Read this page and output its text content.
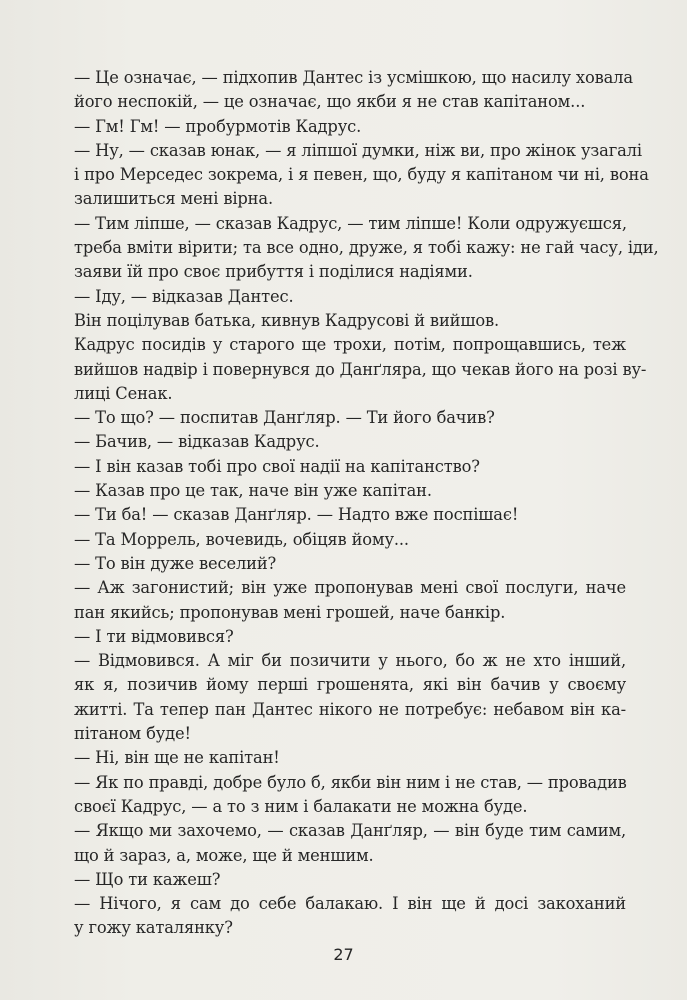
— Це означає, — підхопив Дантес із усмішкою, що насилу ховала
його неспокій, — це означає, що якби я не став капітаном...
— Гм! Гм! — пробурмотів Кадрус.
— Ну, — сказав юнак, — я ліпшої думки, ніж ви, про жінок узагалі
і про Мерседес зокрема, і я певен, що, буду я капітаном чи ні, вона
залишиться мені вірна.
— Тим ліпше, — сказав Кадрус, — тим ліпше! Коли одружуєшся,
треба вміти вірити; та все одно, друже, я тобі кажу: не гай часу, іди,
заяви їй про своє прибуття і поділися надіями.
— Іду, — відказав Дантес.
Він поцілував батька, кивнув Кадрусові й вийшов.
Кадрус посидів у старого ще трохи, потім, попрощавшись, теж
вийшов надвір і повернувся до Данґляра, що чекав його на розі ву-
лиці Сенак.
— То що? — поспитав Данґляр. — Ти його бачив?
— Бачив, — відказав Кадрус.
— І він казав тобі про свої надії на капітанство?
— Казав про це так, наче він уже капітан.
— Ти ба! — сказав Данґляр. — Надто вже поспішає!
— Та Моррель, вочевидь, обіцяв йому...
— То він дуже веселий?
— Аж загонистий; він уже пропонував мені свої послуги, наче
пан якийсь; пропонував мені грошей, наче банкір.
— І ти відмовився?
— Відмовився. А міг би позичити у нього, бо ж не хто інший,
як я, позичив йому перші грошенята, які він бачив у своєму
житті. Та тепер пан Дантес нікого не потребує: небавом він ка-
пітаном буде!
— Ні, він ще не капітан!
— Як по правді, добре було б, якби він ним і не став, — провадив
своєї Кадрус, — а то з ним і балакати не можна буде.
— Якщо ми захочемо, — сказав Данґляр, — він буде тим самим,
що й зараз, а, може, ще й меншим.
— Що ти кажеш?
— Нічого, я сам до себе балакаю. І він ще й досі закоханий
у гожу каталянку?
27
